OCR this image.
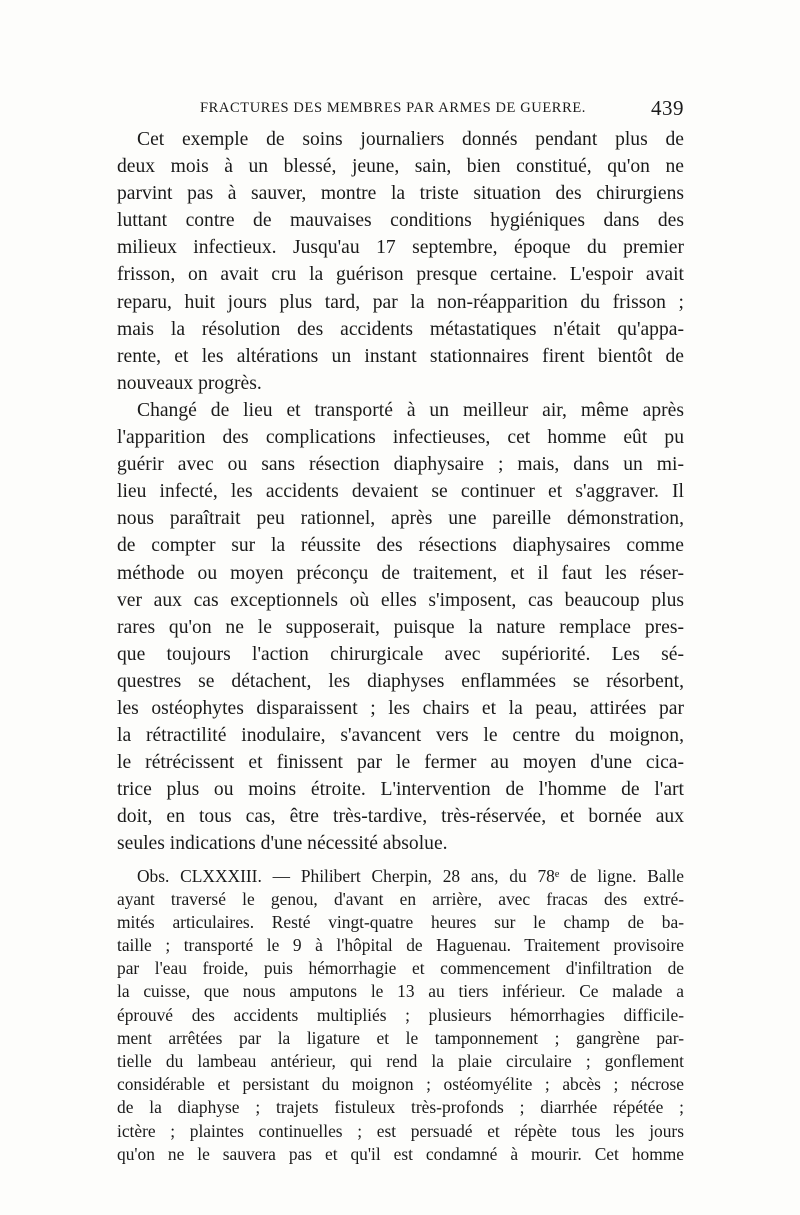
FRACTURES DES MEMBRES PAR ARMES DE GUERRE.	439
Cet exemple de soins journaliers donnés pendant plus de
deux mois à un blessé, jeune, sain, bien constitué, qu'on ne
parvint pas à sauver, montre la triste situation des chirurgiens
luttant contre de mauvaises conditions hygiéniques dans des
milieux infectieux. Jusqu'au 17 septembre, époque du premier
frisson, on avait cru la guérison presque certaine. L'espoir avait
reparu, huit jours plus tard, par la non-réapparition du frisson ;
mais la résolution des accidents métastatiques n'était qu'appa-
rente, et les altérations un instant stationnaires firent bientôt de
nouveaux progrès.
Changé de lieu et transporté à un meilleur air, même après
l'apparition des complications infectieuses, cet homme eût pu
guérir avec ou sans résection diaphysaire ; mais, dans un mi-
lieu infecté, les accidents devaient se continuer et s'aggraver. Il
nous paraîtrait peu rationnel, après une pareille démonstration,
de compter sur la réussite des résections diaphysaires comme
méthode ou moyen préconçu de traitement, et il faut les réser-
ver aux cas exceptionnels où elles s'imposent, cas beaucoup plus
rares qu'on ne le supposerait, puisque la nature remplace pres-
que toujours l'action chirurgicale avec supériorité. Les sé-
questres se détachent, les diaphyses enflammées se résorbent,
les ostéophytes disparaissent ; les chairs et la peau, attirées par
la rétractilité inodulaire, s'avancent vers le centre du moignon,
le rétrécissent et finissent par le fermer au moyen d'une cica-
trice plus ou moins étroite. L'intervention de l'homme de l'art
doit, en tous cas, être très-tardive, très-réservée, et bornée aux
seules indications d'une nécessité absolue.
Obs. CLXXXIII. — Philibert Cherpin, 28 ans, du 78ᵉ de ligne. Balle
ayant traversé le genou, d'avant en arrière, avec fracas des extré-
mités articulaires. Resté vingt-quatre heures sur le champ de ba-
taille ; transporté le 9 à l'hôpital de Haguenau. Traitement provisoire
par l'eau froide, puis hémorrhagie et commencement d'infiltration de
la cuisse, que nous amputons le 13 au tiers inférieur. Ce malade a
éprouvé des accidents multipliés ; plusieurs hémorrhagies difficile-
ment arrêtées par la ligature et le tamponnement ; gangrène par-
tielle du lambeau antérieur, qui rend la plaie circulaire ; gonflement
considérable et persistant du moignon ; ostéomyélite ; abcès ; nécrose
de la diaphyse ; trajets fistuleux très-profonds ; diarrhée répétée ;
ictère ; plaintes continuelles ; est persuadé et répète tous les jours
qu'on ne le sauvera pas et qu'il est condamné à mourir. Cet homme
